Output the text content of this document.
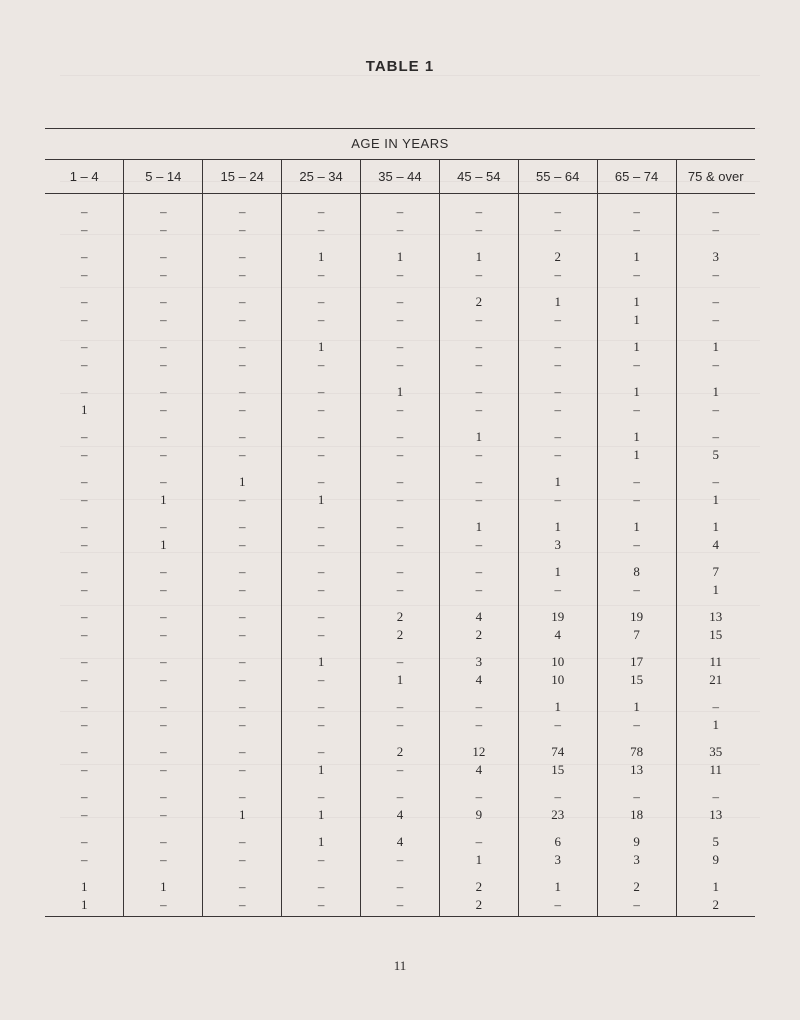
TABLE 1
AGE IN YEARS
1 – 4	5 – 14	15 – 24	25 – 34	35 – 44	45 – 54	55 – 64	65 – 74	75 & over
–	–	–	–	–	–	–	–	–
–	–	–	–	–	–	–	–	–
–	–	–	1	1	1	2	1	3
–	–	–	–	–	–	–	–	–
–	–	–	–	–	2	1	1	–
–	–	–	–	–	–	–	1	–
–	–	–	1	–	–	–	1	1
–	–	–	–	–	–	–	–	–
–	–	–	–	1	–	–	1	1
1	–	–	–	–	–	–	–	–
–	–	–	–	–	1	–	1	–
–	–	–	–	–	–	–	1	5
–	–	1	–	–	–	1	–	–
–	1	–	1	–	–	–	–	1
–	–	–	–	–	1	1	1	1
–	1	–	–	–	–	3	–	4
–	–	–	–	–	–	1	8	7
–	–	–	–	–	–	–	–	1
–	–	–	–	2	4	19	19	13
–	–	–	–	2	2	4	7	15
–	–	–	1	–	3	10	17	11
–	–	–	–	1	4	10	15	21
–	–	–	–	–	–	1	1	–
–	–	–	–	–	–	–	–	1
–	–	–	–	2	12	74	78	35
–	–	–	1	–	4	15	13	11
–	–	–	–	–	–	–	–	–
–	–	1	1	4	9	23	18	13
–	–	–	1	4	–	6	9	5
–	–	–	–	–	1	3	3	9
1	1	–	–	–	2	1	2	1
1	–	–	–	–	2	–	–	2
11
